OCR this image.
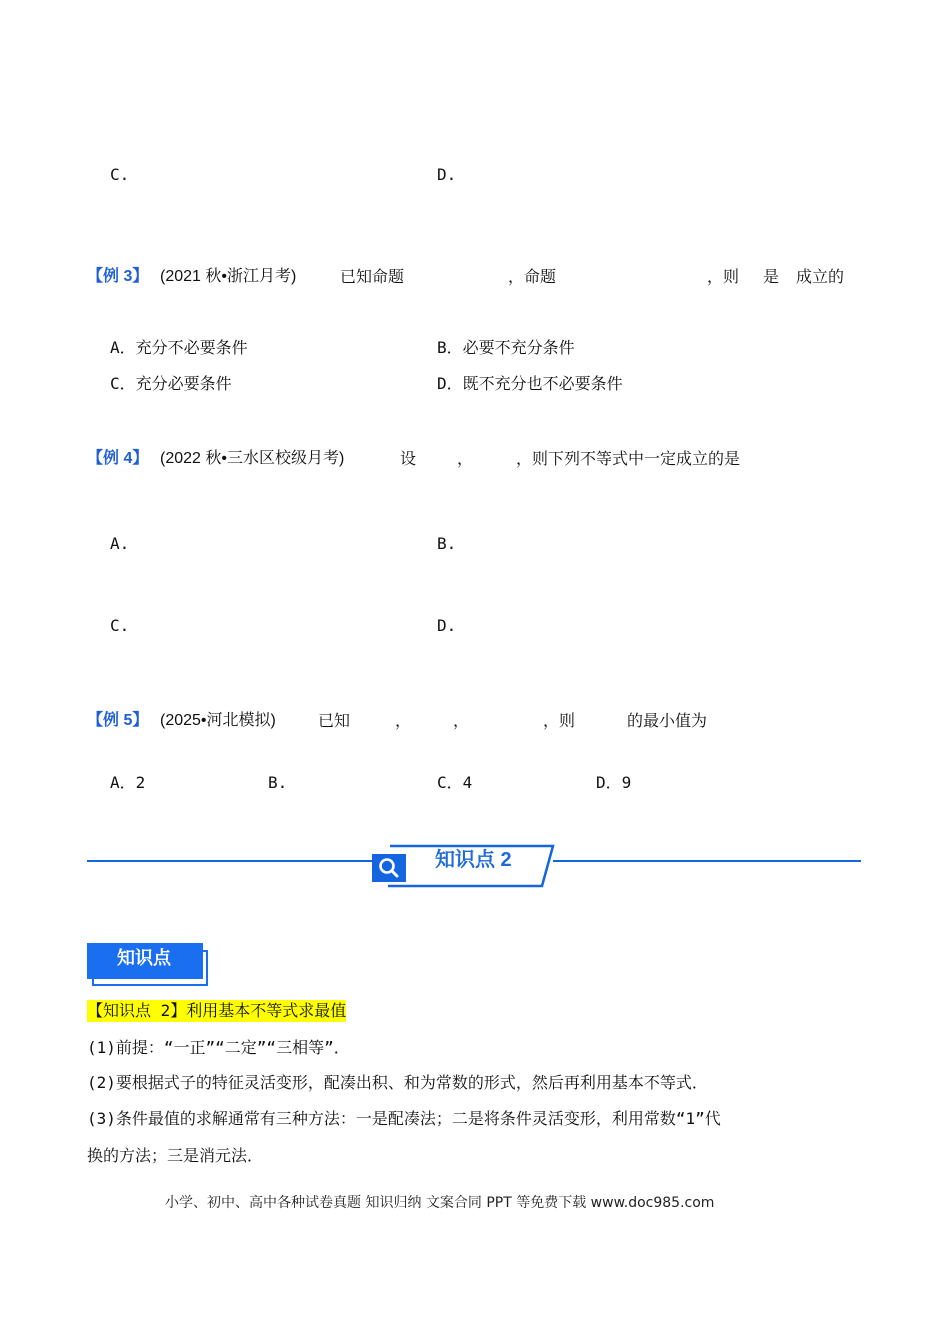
C.	D.
【例 3】 (2021 秋•浙江月考)	已知命题	，命题	，则 是 成立的
A．充分不必要条件	B．必要不充分条件
C．充分必要条件	D．既不充分也不必要条件
【例 4】 (2022 秋•三水区校级月考)	设	，	，则下列不等式中一定成立的是
A.	B.
C.	D.
【例 5】 (2025•河北模拟)	已知	，	，	，则	的最小值为
A．2	B.	C．4	D．9
知识点 2
知识点
【知识点 2】利用基本不等式求最值
(1)前提：“一正”“二定”“三相等”．
(2)要根据式子的特征灵活变形，配凑出积、和为常数的形式，然后再利用基本不等式．
(3)条件最值的求解通常有三种方法：一是配凑法；二是将条件灵活变形，利用常数“1”代
换的方法；三是消元法．
小学、初中、高中各种试卷真题 知识归纳 文案合同 PPT 等免费下载 www.doc985.com
